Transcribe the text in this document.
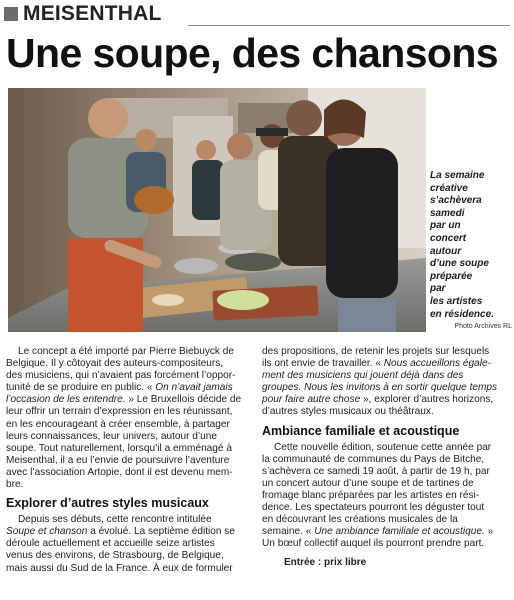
MEISENTHAL
Une soupe, des chansons
La semaine
créative
s’achèvera
samedi
par un
concert
autour
d’une soupe
préparée
par
les artistes
en résidence.
Photo Archives RL
Le concept a été importé par Pierre Biebuyck de
Belgique. Il y côtoyait des auteurs-compositeurs,
des musiciens, qui n’avaient pas forcément l’oppor-
tunité de se produire en public. « On n’avait jamais
l’occasion de les entendre. » Le Bruxellois décide de
leur offrir un terrain d’expression en les réunissant,
en les encourageant à créer ensemble, à partager
leurs connaissances, leur univers, autour d’une
soupe. Tout naturellement, lorsqu’il a emménagé à
Meisenthal, il a eu l’envie de poursuivre l’aventure
avec l’association Artopie, dont il est devenu mem-
bre.
Explorer d’autres styles musicaux
Depuis ses débuts, cette rencontre intitulée
Soupe et chanson a évolué. La septième édition se
déroule actuellement et accueille seize artistes
venus des environs, de Strasbourg, de Belgique,
mais aussi du Sud de la France. À eux de formuler
des propositions, de retenir les projets sur lesquels
ils ont envie de travailler. « Nous accueillons égale-
ment des musiciens qui jouent déjà dans des
groupes. Nous les invitons à en sortir quelque temps
pour faire autre chose », explorer d’autres horizons,
d’autres styles musicaux ou théâtraux.
Ambiance familiale et acoustique
Cette nouvelle édition, soutenue cette année par
la communauté de communes du Pays de Bitche,
s’achèvera ce samedi 19 août, à partir de 19 h, par
un concert autour d’une soupe et de tartines de
fromage blanc préparées par les artistes en rési-
dence. Les spectateurs pourront les déguster tout
en découvrant les créations musicales de la
semaine. « Une ambiance familiale et acoustique. »
Un bœuf collectif auquel ils pourront prendre part.
Entrée : prix libre
